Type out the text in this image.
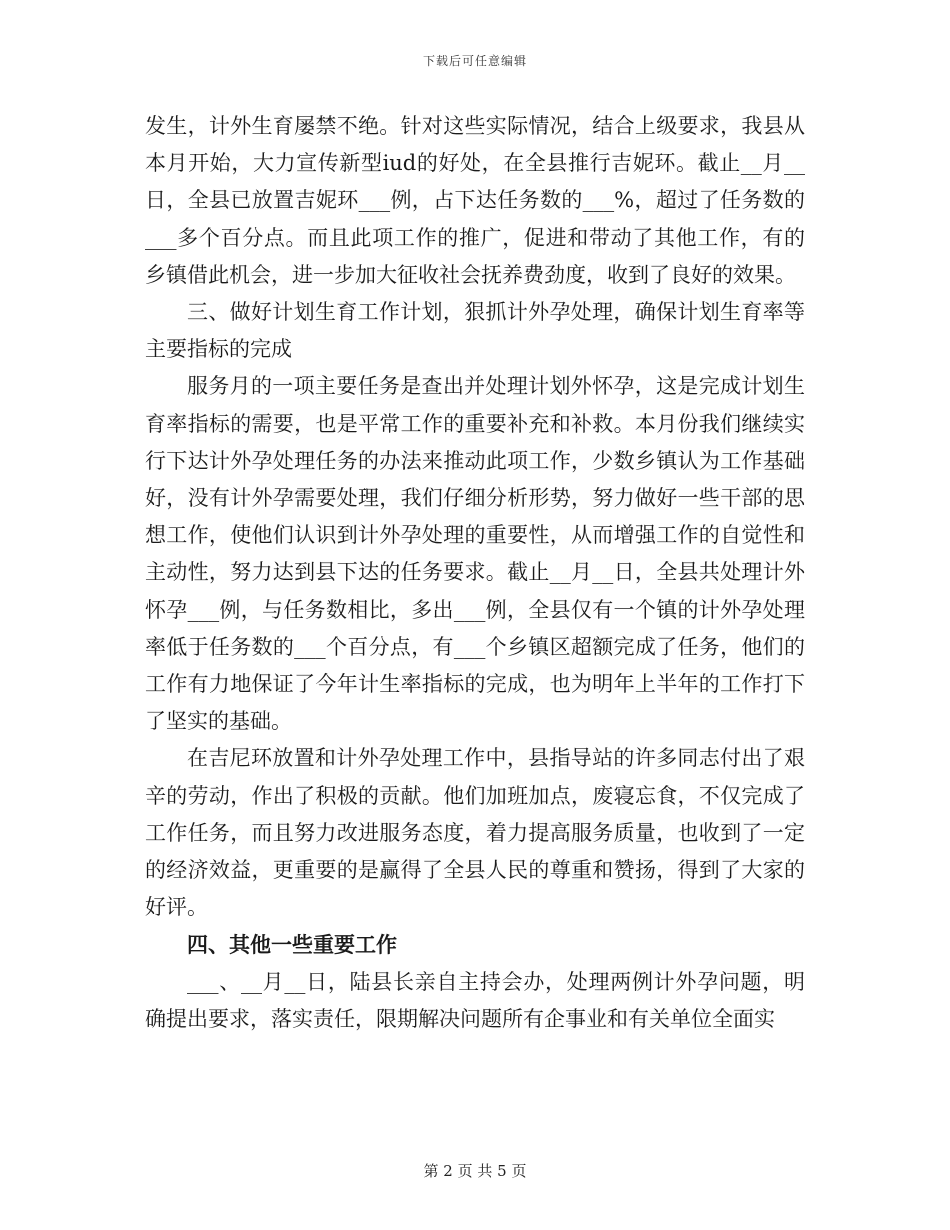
下载后可任意编辑

发生，计外生育屡禁不绝。针对这些实际情况，结合上级要求，我县从本月开始，大力宣传新型iud的好处，在全县推行吉妮环。截止__月__日，全县已放置吉妮环___例，占下达任务数的___%，超过了任务数的___多个百分点。而且此项工作的推广，促进和带动了其他工作，有的乡镇借此机会，进一步加大征收社会抚养费劲度，收到了良好的效果。

三、做好计划生育工作计划，狠抓计外孕处理，确保计划生育率等主要指标的完成

服务月的一项主要任务是查出并处理计划外怀孕，这是完成计划生育率指标的需要，也是平常工作的重要补充和补救。本月份我们继续实行下达计外孕处理任务的办法来推动此项工作，少数乡镇认为工作基础好，没有计外孕需要处理，我们仔细分析形势，努力做好一些干部的思想工作，使他们认识到计外孕处理的重要性，从而增强工作的自觉性和主动性，努力达到县下达的任务要求。截止__月__日，全县共处理计外怀孕___例，与任务数相比，多出___例，全县仅有一个镇的计外孕处理率低于任务数的___个百分点，有___个乡镇区超额完成了任务，他们的工作有力地保证了今年计生率指标的完成，也为明年上半年的工作打下了坚实的基础。

在吉尼环放置和计外孕处理工作中，县指导站的许多同志付出了艰辛的劳动，作出了积极的贡献。他们加班加点，废寝忘食，不仅完成了工作任务，而且努力改进服务态度，着力提高服务质量，也收到了一定的经济效益，更重要的是赢得了全县人民的尊重和赞扬，得到了大家的好评。

四、其他一些重要工作

___、__月__日，陆县长亲自主持会办，处理两例计外孕问题，明确提出要求，落实责任，限期解决问题所有企事业和有关单位全面实

第 2 页 共 5 页
